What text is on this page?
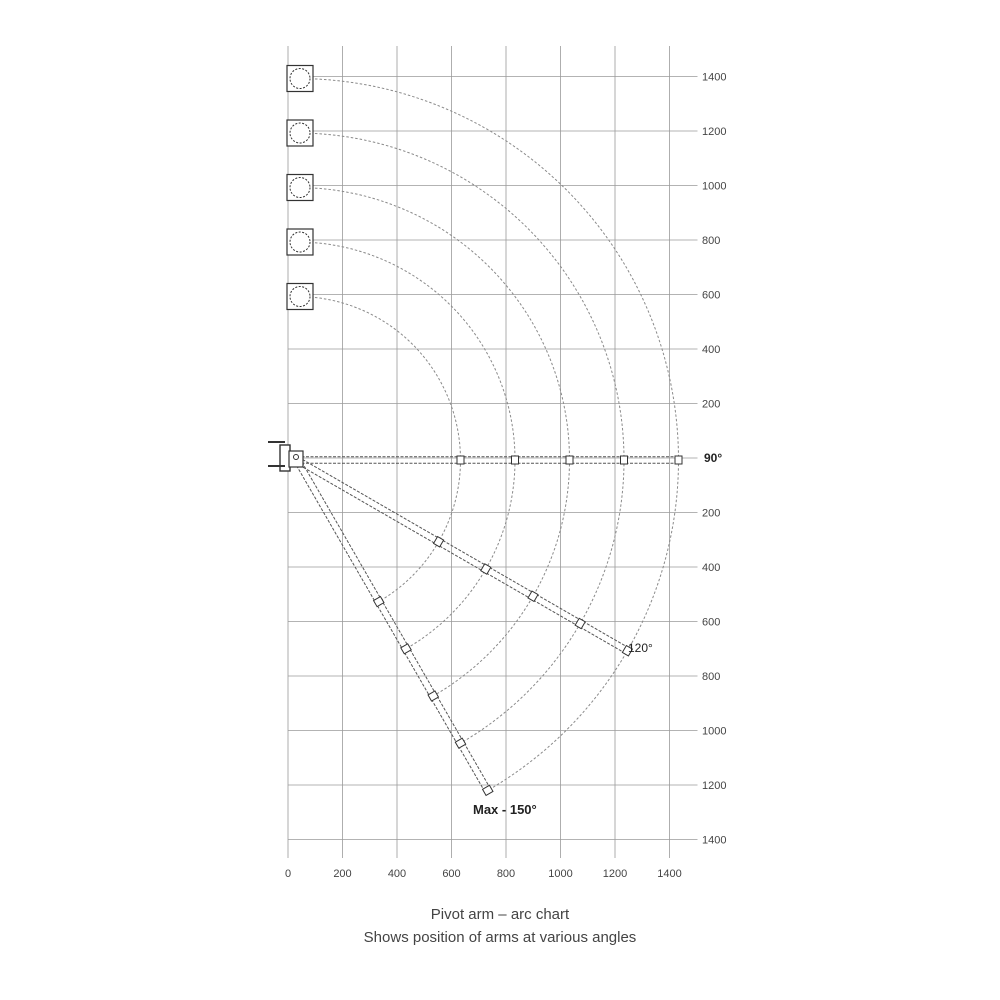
0	200	400	600	800	1000	1200	1400
200
400
600
800
1000
1200
1400
200
400
600
800
1000
1200
1400
90°
120°
Max - 150°
Pivot arm – arc chart
Shows position of arms at various angles
